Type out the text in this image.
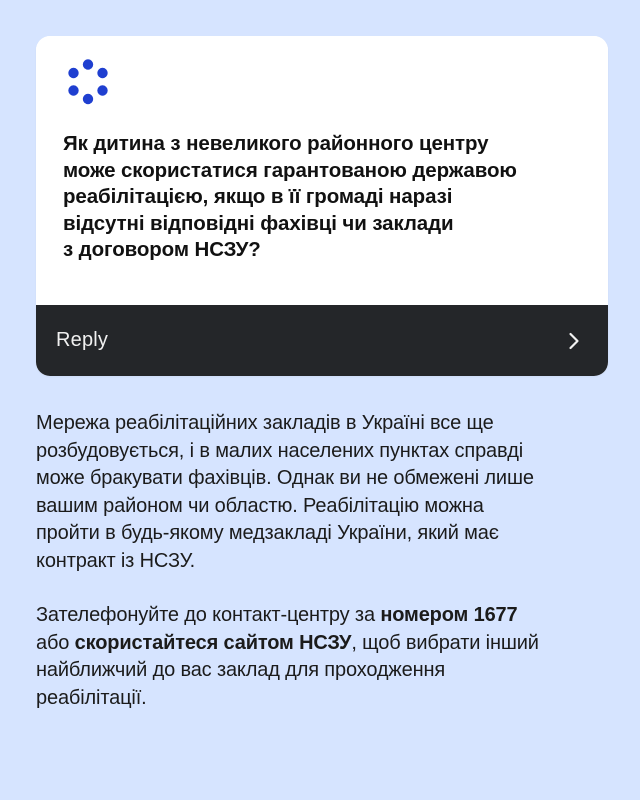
Як дитина з невеликого районного центру
може скористатися гарантованою державою
реабілітацією, якщо в її громаді наразі
відсутні відповідні фахівці чи заклади
з договором НСЗУ?
Reply

Мережа реабілітаційних закладів в Україні все ще
розбудовується, і в малих населених пунктах справді
може бракувати фахівців. Однак ви не обмежені лише
вашим районом чи областю. Реабілітацію можна
пройти в будь-якому медзакладі України, який має
контракт із НСЗУ.

Зателефонуйте до контакт-центру за номером 1677
або скористайтеся сайтом НСЗУ, щоб вибрати інший
найближчий до вас заклад для проходження
реабілітації.
